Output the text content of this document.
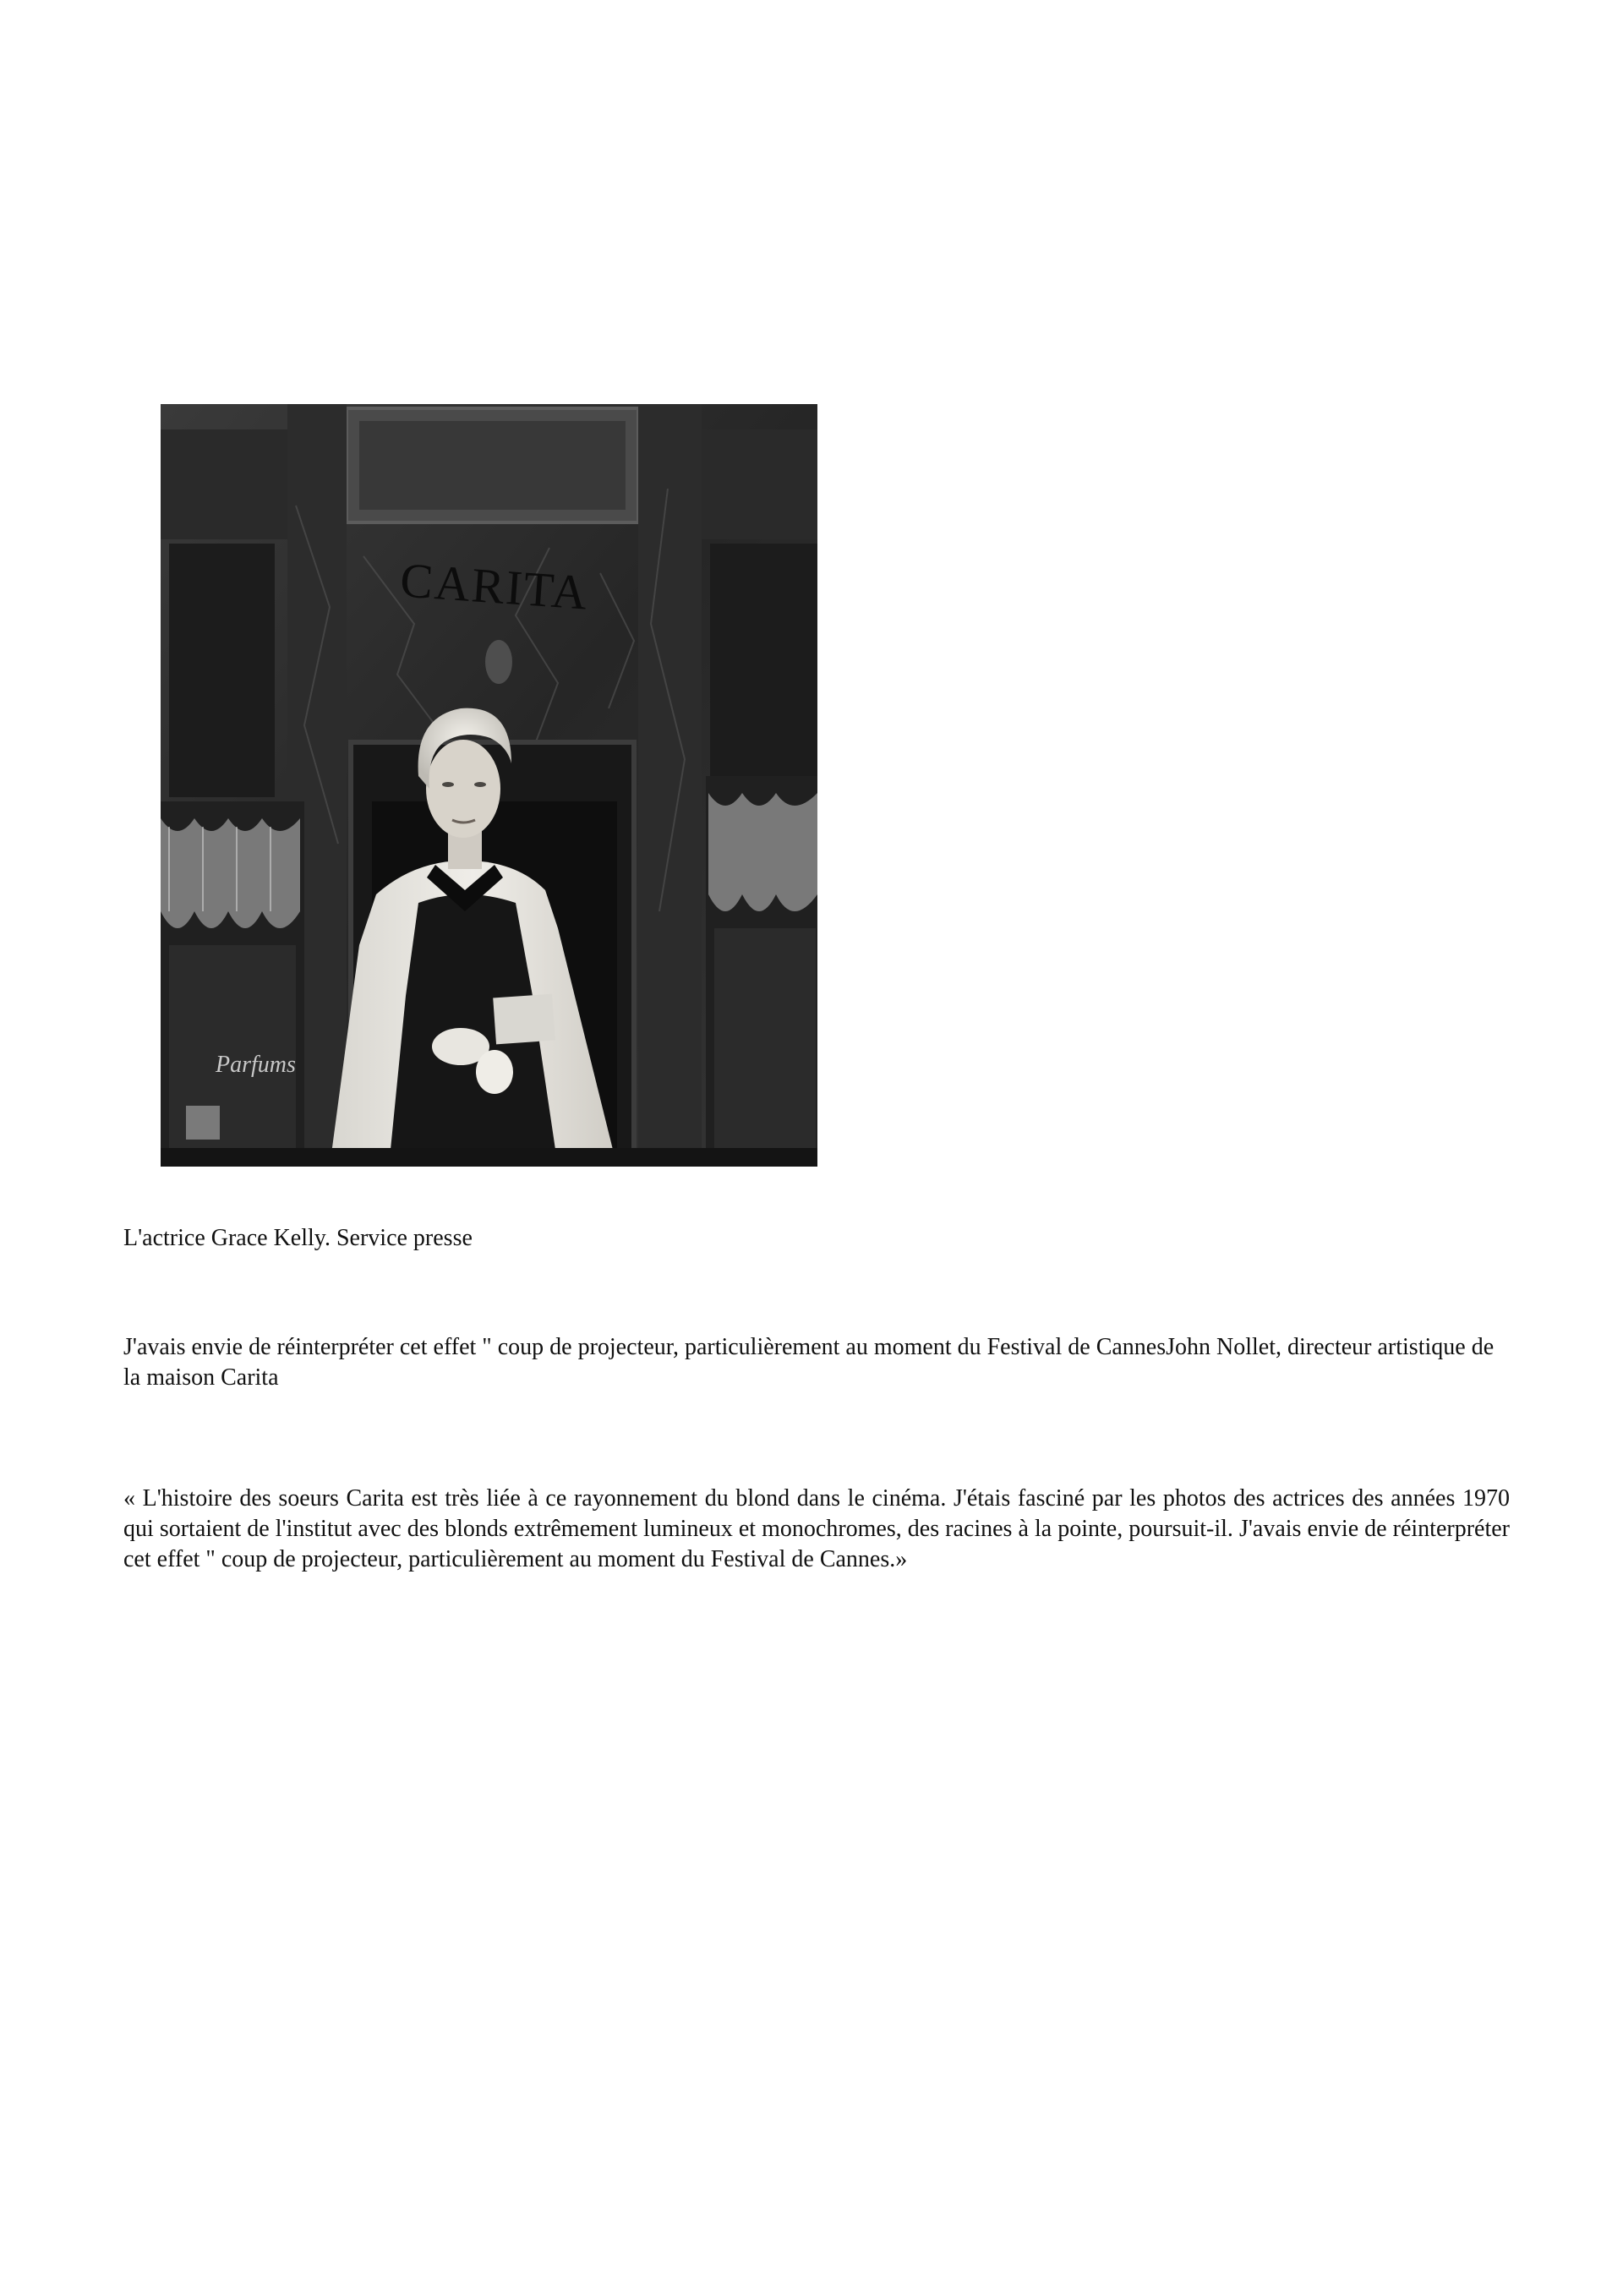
CARITA
Parfums
L'actrice Grace Kelly. Service presse
J'avais envie de réinterpréter cet effet " coup de projecteur, particulièrement au moment du Festival de CannesJohn Nollet, directeur artistique de la maison Carita
« L'histoire des soeurs Carita est très liée à ce rayonnement du blond dans le cinéma. J'étais fasciné par les photos des actrices des années 1970 qui sortaient de l'institut avec des blonds extrêmement lumineux et monochromes, des racines à la pointe, poursuit-il. J'avais envie de réinterpréter cet effet " coup de projecteur, particulièrement au moment du Festival de Cannes.»
